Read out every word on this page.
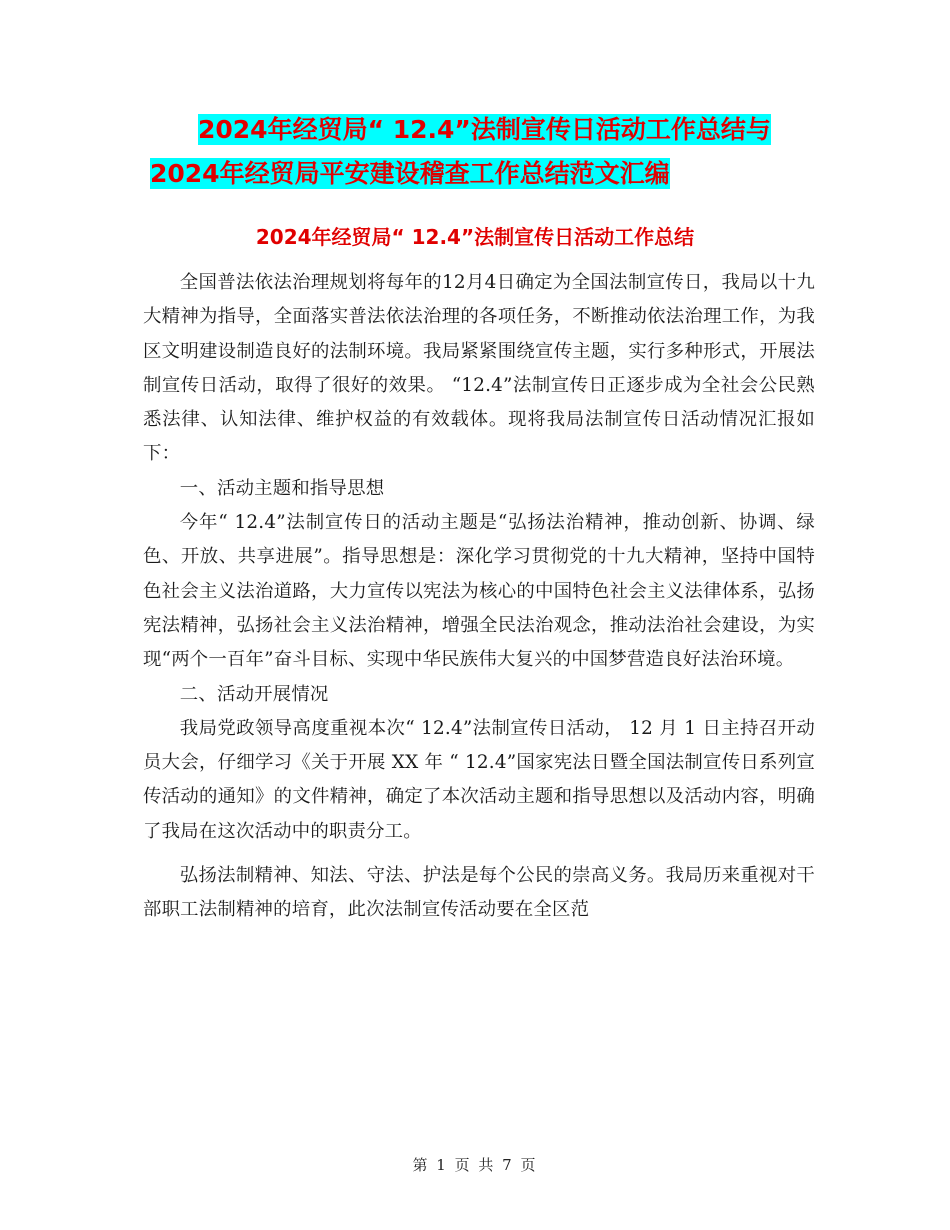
2024年经贸局“ 12.4”法制宣传日活动工作总结与
2024年经贸局平安建设稽查工作总结范文汇编
2024年经贸局“ 12.4”法制宣传日活动工作总结

全国普法依法治理规划将每年的12月4日确定为全国法制宣传日，我局以十九大精神为指导，全面落实普法依法治理的各项任务，不断推动依法治理工作，为我区文明建设制造良好的法制环境。我局紧紧围绕宣传主题，实行多种形式，开展法制宣传日活动，取得了很好的效果。 “12.4”法制宣传日正逐步成为全社会公民熟悉法律、认知法律、维护权益的有效载体。现将我局法制宣传日活动情况汇报如下：

一、活动主题和指导思想

今年“ 12.4”法制宣传日的活动主题是“弘扬法治精神，推动创新、协调、绿色、开放、共享进展”。指导思想是：深化学习贯彻党的十九大精神，坚持中国特色社会主义法治道路，大力宣传以宪法为核心的中国特色社会主义法律体系，弘扬宪法精神，弘扬社会主义法治精神，增强全民法治观念，推动法治社会建设，为实现“两个一百年”奋斗目标、实现中华民族伟大复兴的中国梦营造良好法治环境。

二、活动开展情况

我局党政领导高度重视本次“ 12.4”法制宣传日活动， 12 月 1 日主持召开动员大会，仔细学习《关于开展 XX 年 “ 12.4”国家宪法日暨全国法制宣传日系列宣传活动的通知》的文件精神，确定了本次活动主题和指导思想以及活动内容，明确了我局在这次活动中的职责分工。

弘扬法制精神、知法、守法、护法是每个公民的崇高义务。我局历来重视对干部职工法制精神的培育，此次法制宣传活动要在全区范

第 1 页 共 7 页
